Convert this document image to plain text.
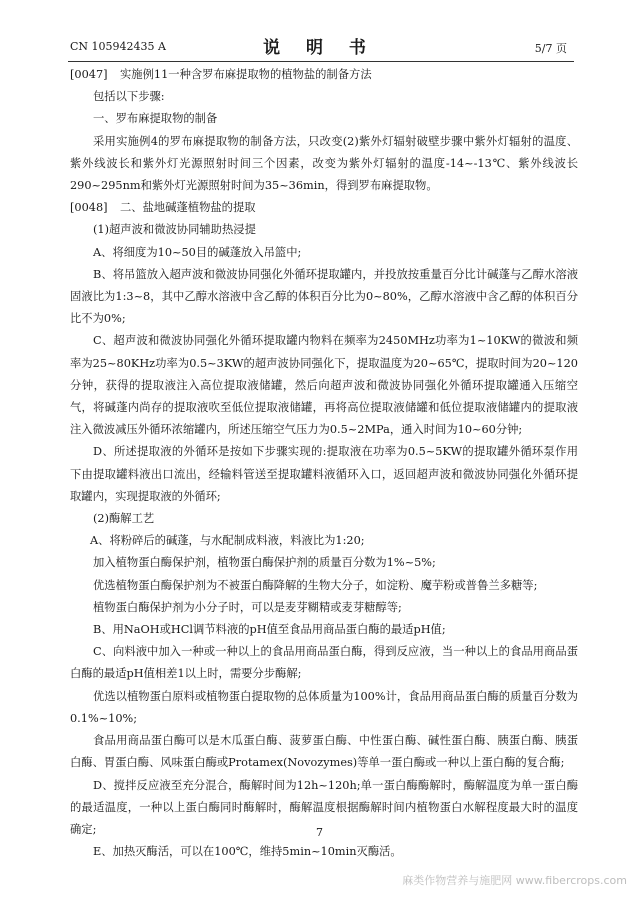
CN 105942435 A	说 明 书	5/7 页

[0047] 实施例11一种含罗布麻提取物的植物盐的制备方法

包括以下步骤:

一、罗布麻提取物的制备

采用实施例4的罗布麻提取物的制备方法，只改变(2)紫外灯辐射破壁步骤中紫外灯辐射的温度、紫外线波长和紫外灯光源照射时间三个因素，改变为紫外灯辐射的温度-14~-13℃、紫外线波长290~295nm和紫外灯光源照射时间为35~36min，得到罗布麻提取物。

[0048] 二、盐地碱蓬植物盐的提取

(1)超声波和微波协同辅助热浸提

A、将细度为10~50目的碱蓬放入吊篮中;

B、将吊篮放入超声波和微波协同强化外循环提取罐内，并投放按重量百分比计碱蓬与乙醇水溶液固液比为1:3~8，其中乙醇水溶液中含乙醇的体积百分比为0~80%，乙醇水溶液中含乙醇的体积百分比不为0%;

C、超声波和微波协同强化外循环提取罐内物料在频率为2450MHz功率为1~10KW的微波和频率为25~80KHz功率为0.5~3KW的超声波协同强化下，提取温度为20~65℃，提取时间为20~120分钟，获得的提取液注入高位提取液储罐，然后向超声波和微波协同强化外循环提取罐通入压缩空气，将碱蓬内尚存的提取液吹至低位提取液储罐，再将高位提取液储罐和低位提取液储罐内的提取液注入微波减压外循环浓缩罐内，所述压缩空气压力为0.5~2MPa，通入时间为10~60分钟;

D、所述提取液的外循环是按如下步骤实现的:提取液在功率为0.5~5KW的提取罐外循环泵作用下由提取罐料液出口流出，经输料管送至提取罐料液循环入口，返回超声波和微波协同强化外循环提取罐内，实现提取液的外循环;

(2)酶解工艺

A、将粉碎后的碱蓬，与水配制成料液，料液比为1:20;

加入植物蛋白酶保护剂，植物蛋白酶保护剂的质量百分数为1%~5%;

优选植物蛋白酶保护剂为不被蛋白酶降解的生物大分子，如淀粉、魔芋粉或普鲁兰多糖等;

植物蛋白酶保护剂为小分子时，可以是麦芽糊精或麦芽糖醇等;

B、用NaOH或HCl调节料液的pH值至食品用商品蛋白酶的最适pH值;

C、向料液中加入一种或一种以上的食品用商品蛋白酶，得到反应液，当一种以上的食品用商品蛋白酶的最适pH值相差1以上时，需要分步酶解;

优选以植物蛋白原料或植物蛋白提取物的总体质量为100%计，食品用商品蛋白酶的质量百分数为0.1%~10%;

食品用商品蛋白酶可以是木瓜蛋白酶、菠萝蛋白酶、中性蛋白酶、碱性蛋白酶、胰蛋白酶、胰蛋白酶、胃蛋白酶、风味蛋白酶或Protamex(Novozymes)等单一蛋白酶或一种以上蛋白酶的复合酶;

D、搅拌反应液至充分混合，酶解时间为12h~120h;单一蛋白酶酶解时，酶解温度为单一蛋白酶的最适温度，一种以上蛋白酶同时酶解时，酶解温度根据酶解时间内植物蛋白水解程度最大时的温度确定;

E、加热灭酶活，可以在100℃，维持5min~10min灭酶活。

7
麻类作物营养与施肥网 www.fibercrops.com
